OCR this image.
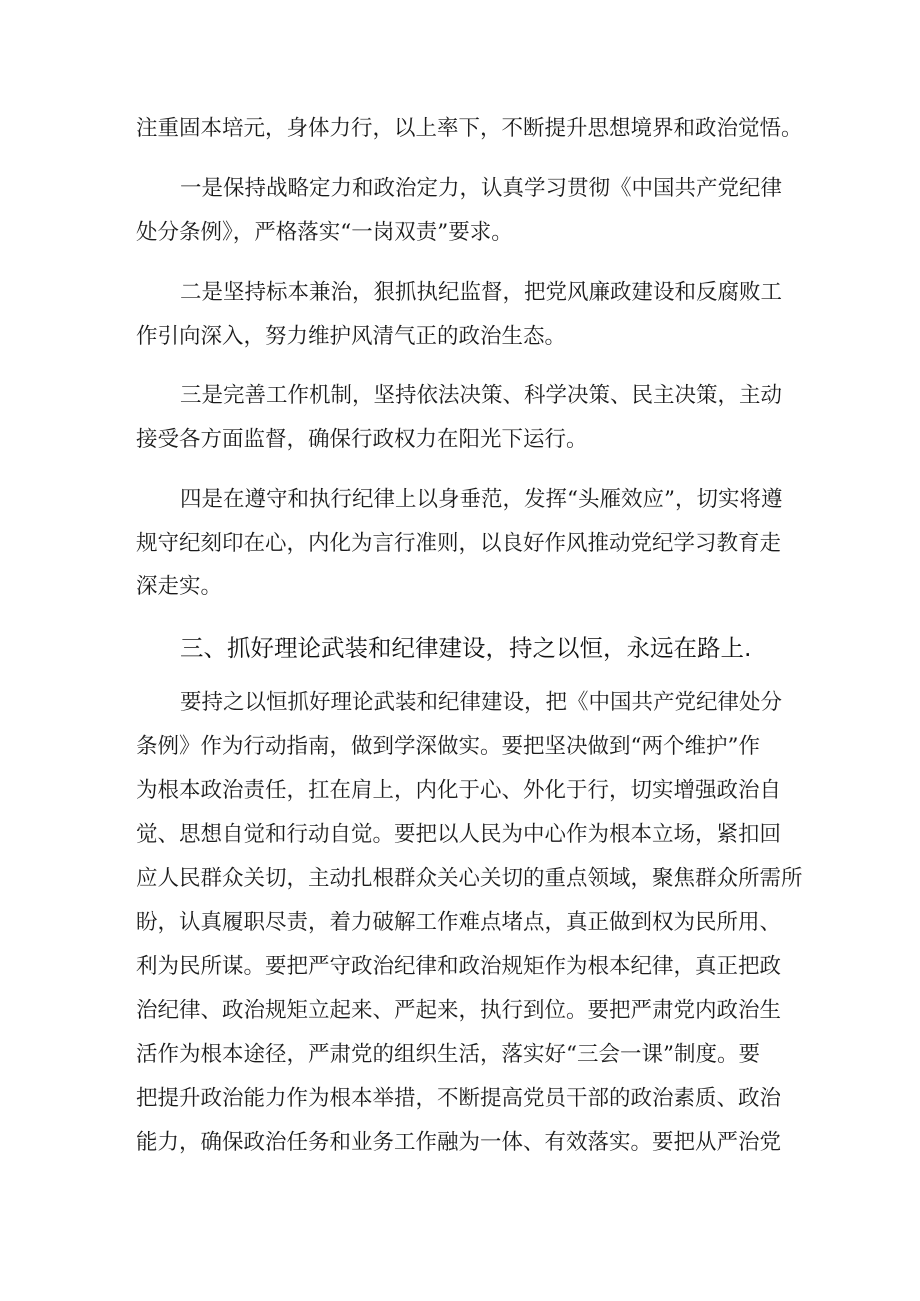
注重固本培元，身体力行，以上率下，不断提升思想境界和政治觉悟。
一是保持战略定力和政治定力，认真学习贯彻《中国共产党纪律
处分条例》，严格落实“一岗双责”要求。
二是坚持标本兼治，狠抓执纪监督，把党风廉政建设和反腐败工
作引向深入，努力维护风清气正的政治生态。
三是完善工作机制，坚持依法决策、科学决策、民主决策，主动
接受各方面监督，确保行政权力在阳光下运行。
四是在遵守和执行纪律上以身垂范，发挥“头雁效应”，切实将遵
规守纪刻印在心，内化为言行准则，以良好作风推动党纪学习教育走
深走实。
三、抓好理论武装和纪律建设，持之以恒，永远在路上.
要持之以恒抓好理论武装和纪律建设，把《中国共产党纪律处分
条例》作为行动指南，做到学深做实。要把坚决做到“两个维护”作
为根本政治责任，扛在肩上，内化于心、外化于行，切实增强政治自
觉、思想自觉和行动自觉。要把以人民为中心作为根本立场，紧扣回
应人民群众关切，主动扎根群众关心关切的重点领域，聚焦群众所需所
盼，认真履职尽责，着力破解工作难点堵点，真正做到权为民所用、
利为民所谋。要把严守政治纪律和政治规矩作为根本纪律，真正把政
治纪律、政治规矩立起来、严起来，执行到位。要把严肃党内政治生
活作为根本途径，严肃党的组织生活，落实好“三会一课”制度。要
把提升政治能力作为根本举措，不断提高党员干部的政治素质、政治
能力，确保政治任务和业务工作融为一体、有效落实。要把从严治党
